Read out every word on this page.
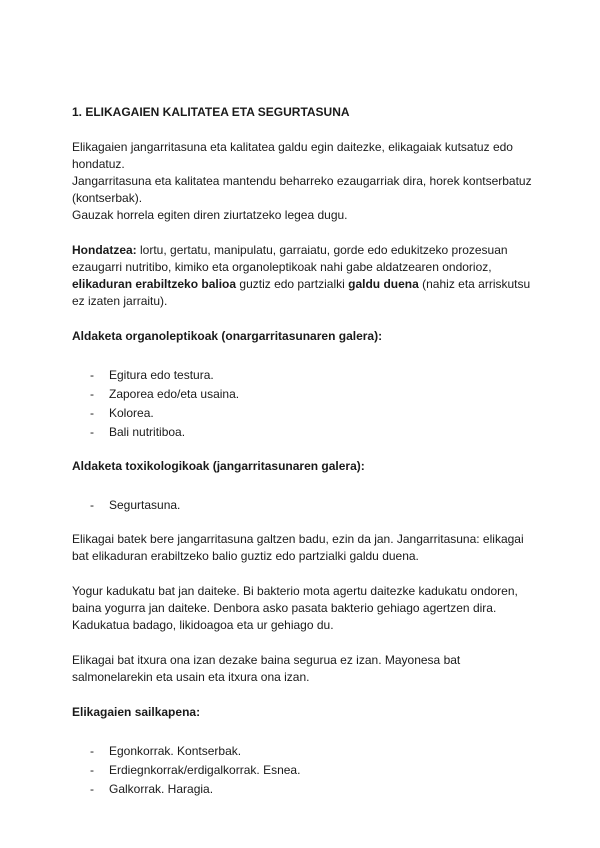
1. ELIKAGAIEN KALITATEA ETA SEGURTASUNA

Elikagaien jangarritasuna eta kalitatea galdu egin daitezke, elikagaiak kutsatuz edo hondatuz.
Jangarritasuna eta kalitatea mantendu beharreko ezaugarriak dira, horek kontserbatuz (kontserbak).
Gauzak horrela egiten diren ziurtatzeko legea dugu.

Hondatzea: lortu, gertatu, manipulatu, garraiatu, gorde edo edukitzeko prozesuan ezaugarri nutritibo, kimiko eta organoleptikoak nahi gabe aldatzearen ondorioz, elikaduran erabiltzeko balioa guztiz edo partzialki galdu duena (nahiz eta arriskutsu ez izaten jarraitu).

Aldaketa organoleptikoak (onargarritasunaren galera):

- Egitura edo testura.
- Zaporea edo/eta usaina.
- Kolorea.
- Bali nutritiboa.

Aldaketa toxikologikoak (jangarritasunaren galera):

- Segurtasuna.

Elikagai batek bere jangarritasuna galtzen badu, ezin da jan. Jangarritasuna: elikagai bat elikaduran erabiltzeko balio guztiz edo partzialki galdu duena.

Yogur kadukatu bat jan daiteke. Bi bakterio mota agertu daitezke kadukatu ondoren, baina yogurra jan daiteke. Denbora asko pasata bakterio gehiago agertzen dira. Kadukatua badago, likidoagoa eta ur gehiago du.

Elikagai bat itxura ona izan dezake baina segurua ez izan. Mayonesa bat salmonelarekin eta usain eta itxura ona izan.

Elikagaien sailkapena:

- Egonkorrak. Kontserbak.
- Erdiegnkorrak/erdigalkorrak. Esnea.
- Galkorrak. Haragia.
